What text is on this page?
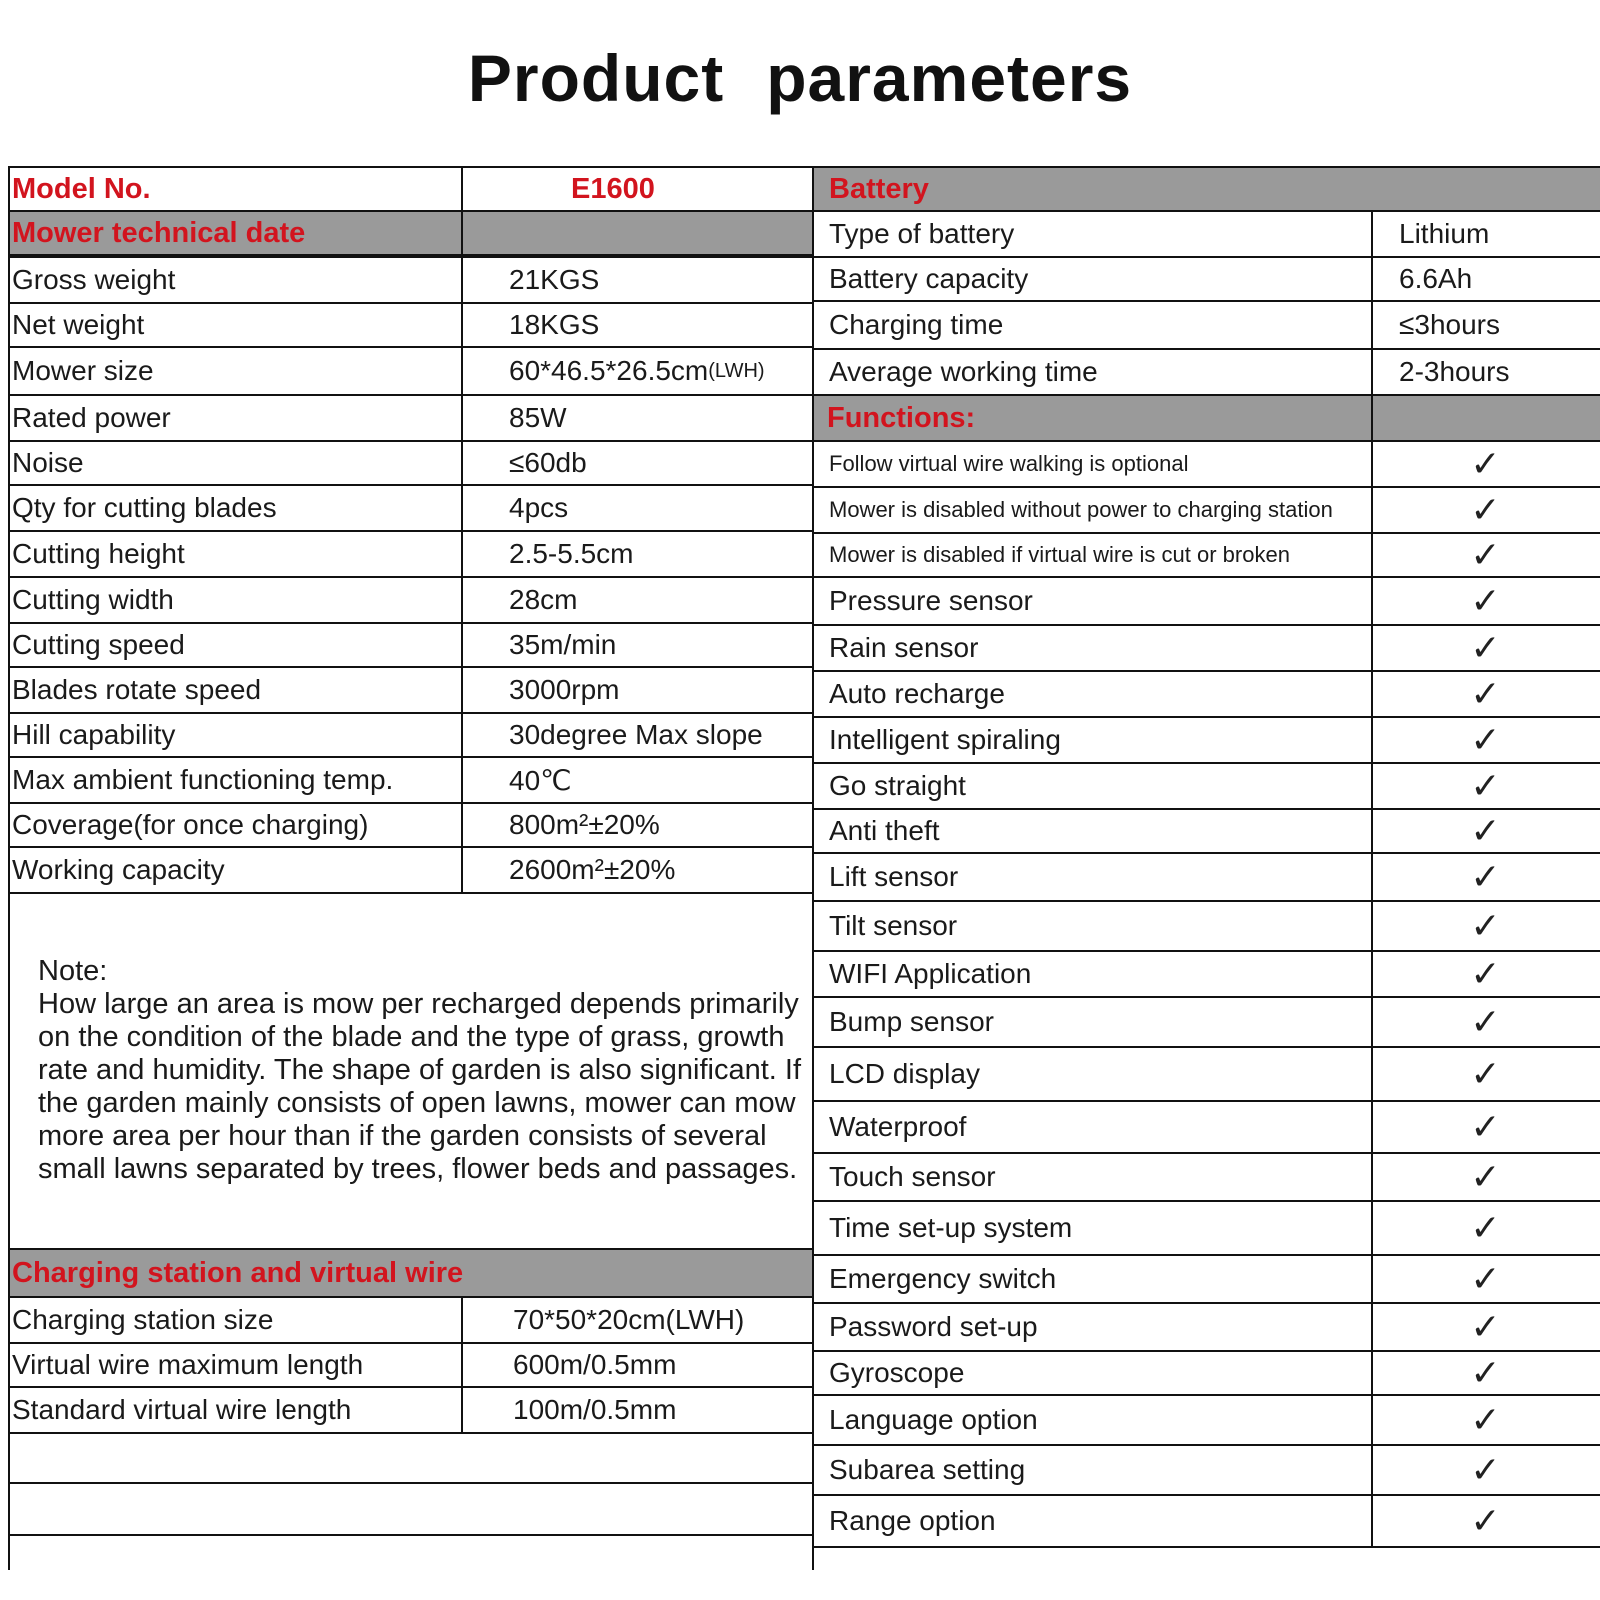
Product parameters
Model No.	E1600
Mower technical date
Gross weight	21KGS
Net weight	18KGS
Mower size	60*46.5*26.5cm (LWH)
Rated power	85W
Noise	≤60db
Qty for cutting blades	4pcs
Cutting height	2.5-5.5cm
Cutting width	28cm
Cutting speed	35m/min
Blades rotate speed	3000rpm
Hill capability	30degree Max slope
Max ambient functioning temp.	40℃
Coverage(for once charging)	800m²±20%
Working capacity	2600m²±20%
Charging station and virtual wire
Charging station size	70*50*20cm(LWH)
Virtual wire maximum length	600m/0.5mm
Standard virtual wire length	100m/0.5mm
Battery
Type of battery	Lithium
Battery capacity	6.6Ah
Charging time	≤3hours
Average working time	2-3hours
Functions:
Follow virtual wire walking is optional	✓
Mower is disabled without power to charging station	✓
Mower is disabled if virtual wire is cut or broken	✓
Pressure sensor	✓
Rain sensor	✓
Auto recharge	✓
Intelligent spiraling	✓
Go straight	✓
Anti theft	✓
Lift sensor	✓
Tilt sensor	✓
WIFI Application	✓
Bump sensor	✓
LCD display	✓
Waterproof	✓
Touch sensor	✓
Time set-up system	✓
Emergency switch	✓
Password set-up	✓
Gyroscope	✓
Language option	✓
Subarea setting	✓
Range option	✓
Note:
How large an area is mow per recharged depends primarily on the condition of the blade and the type of grass, growth rate and humidity. The shape of garden is also significant. If the garden mainly consists of open lawns, mower can mow more area per hour than if the garden consists of several small lawns separated by trees, flower beds and passages.
